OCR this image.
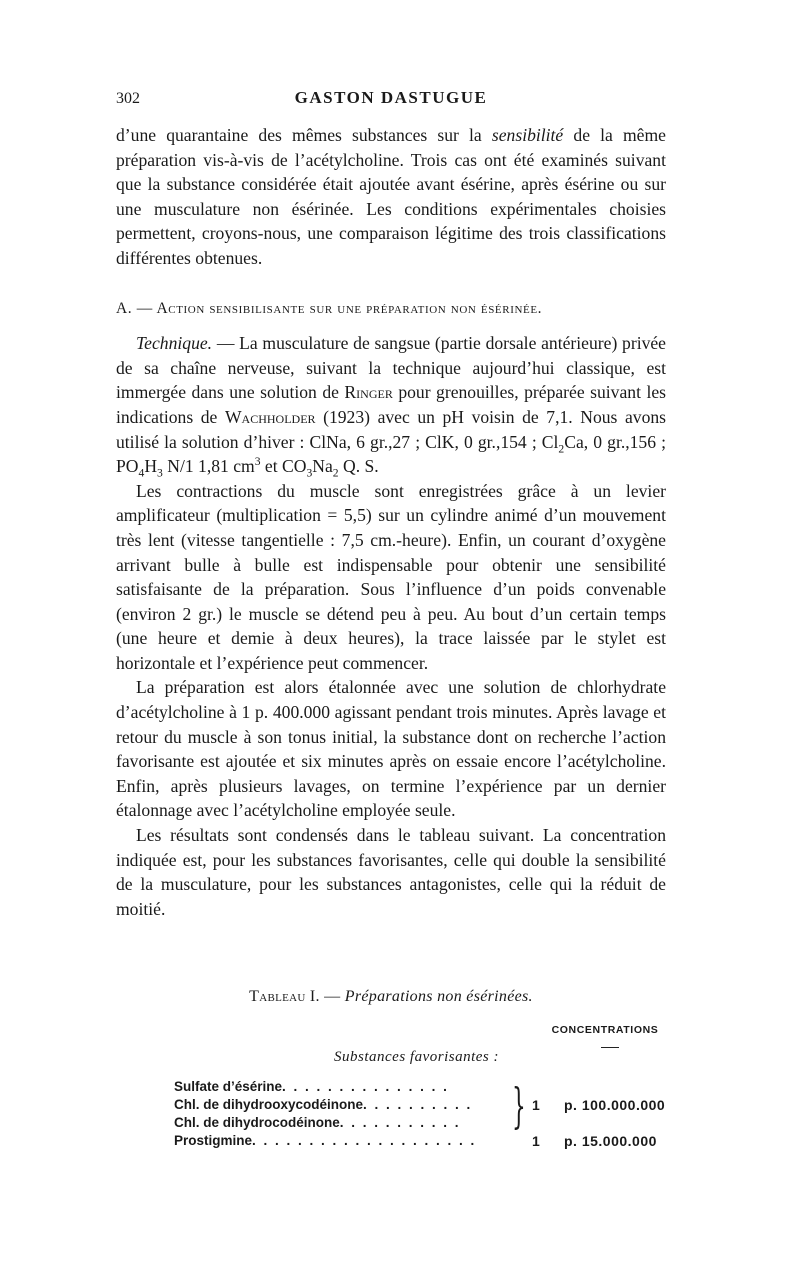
302	GASTON DASTUGUE

d’une quarantaine des mêmes substances sur la sensibilité de la même préparation vis-à-vis de l’acétylcholine. Trois cas ont été examinés suivant que la substance considérée était ajoutée avant ésérine, après ésérine ou sur une musculature non ésérinée. Les conditions expérimentales choisies permettent, croyons-nous, une comparaison légitime des trois classifications différentes obtenues.

A. — Action sensibilisante sur une préparation non ésérinée.

Technique. — La musculature de sangsue (partie dorsale antérieure) privée de sa chaîne nerveuse, suivant la technique aujourd’hui classique, est immergée dans une solution de Ringer pour grenouilles, préparée suivant les indications de Wachholder (1923) avec un pH voisin de 7,1. Nous avons utilisé la solution d’hiver : ClNa, 6 gr.,27 ; ClK, 0 gr.,154 ; $Cl_2Ca$, 0 gr.,156 ; $PO_4H_3$ N/1 1,81 $cm^3$ et $CO_3Na_2$ Q. S.

Les contractions du muscle sont enregistrées grâce à un levier amplificateur (multiplication = 5,5) sur un cylindre animé d’un mouvement très lent (vitesse tangentielle : 7,5 cm.-heure). Enfin, un courant d’oxygène arrivant bulle à bulle est indispensable pour obtenir une sensibilité satisfaisante de la préparation. Sous l’influence d’un poids convenable (environ 2 gr.) le muscle se détend peu à peu. Au bout d’un certain temps (une heure et demie à deux heures), la trace laissée par le stylet est horizontale et l’expérience peut commencer.

La préparation est alors étalonnée avec une solution de chlorhydrate d’acétylcholine à 1 p. 400.000 agissant pendant trois minutes. Après lavage et retour du muscle à son tonus initial, la substance dont on recherche l’action favorisante est ajoutée et six minutes après on essaie encore l’acétylcholine. Enfin, après plusieurs lavages, on termine l’expérience par un dernier étalonnage avec l’acétylcholine employée seule.

Les résultats sont condensés dans le tableau suivant. La concentration indiquée est, pour les substances favorisantes, celle qui double la sensibilité de la musculature, pour les substances antagonistes, celle qui la réduit de moitié.

Tableau I. — Préparations non ésérinées.
CONCENTRATIONS
Substances favorisantes :
Sulfate d’ésérine. . . . . . . . . . . . . . .
Chl. de dihydrooxycodéinone. . . . . . . . . .
Chl. de dihydrocodéinone. . . . . . . . . . .
Prostigmine. . . . . . . . . . . . . . . . . . . .
} 1 p. 100.000.000
1 p. 15.000.000
